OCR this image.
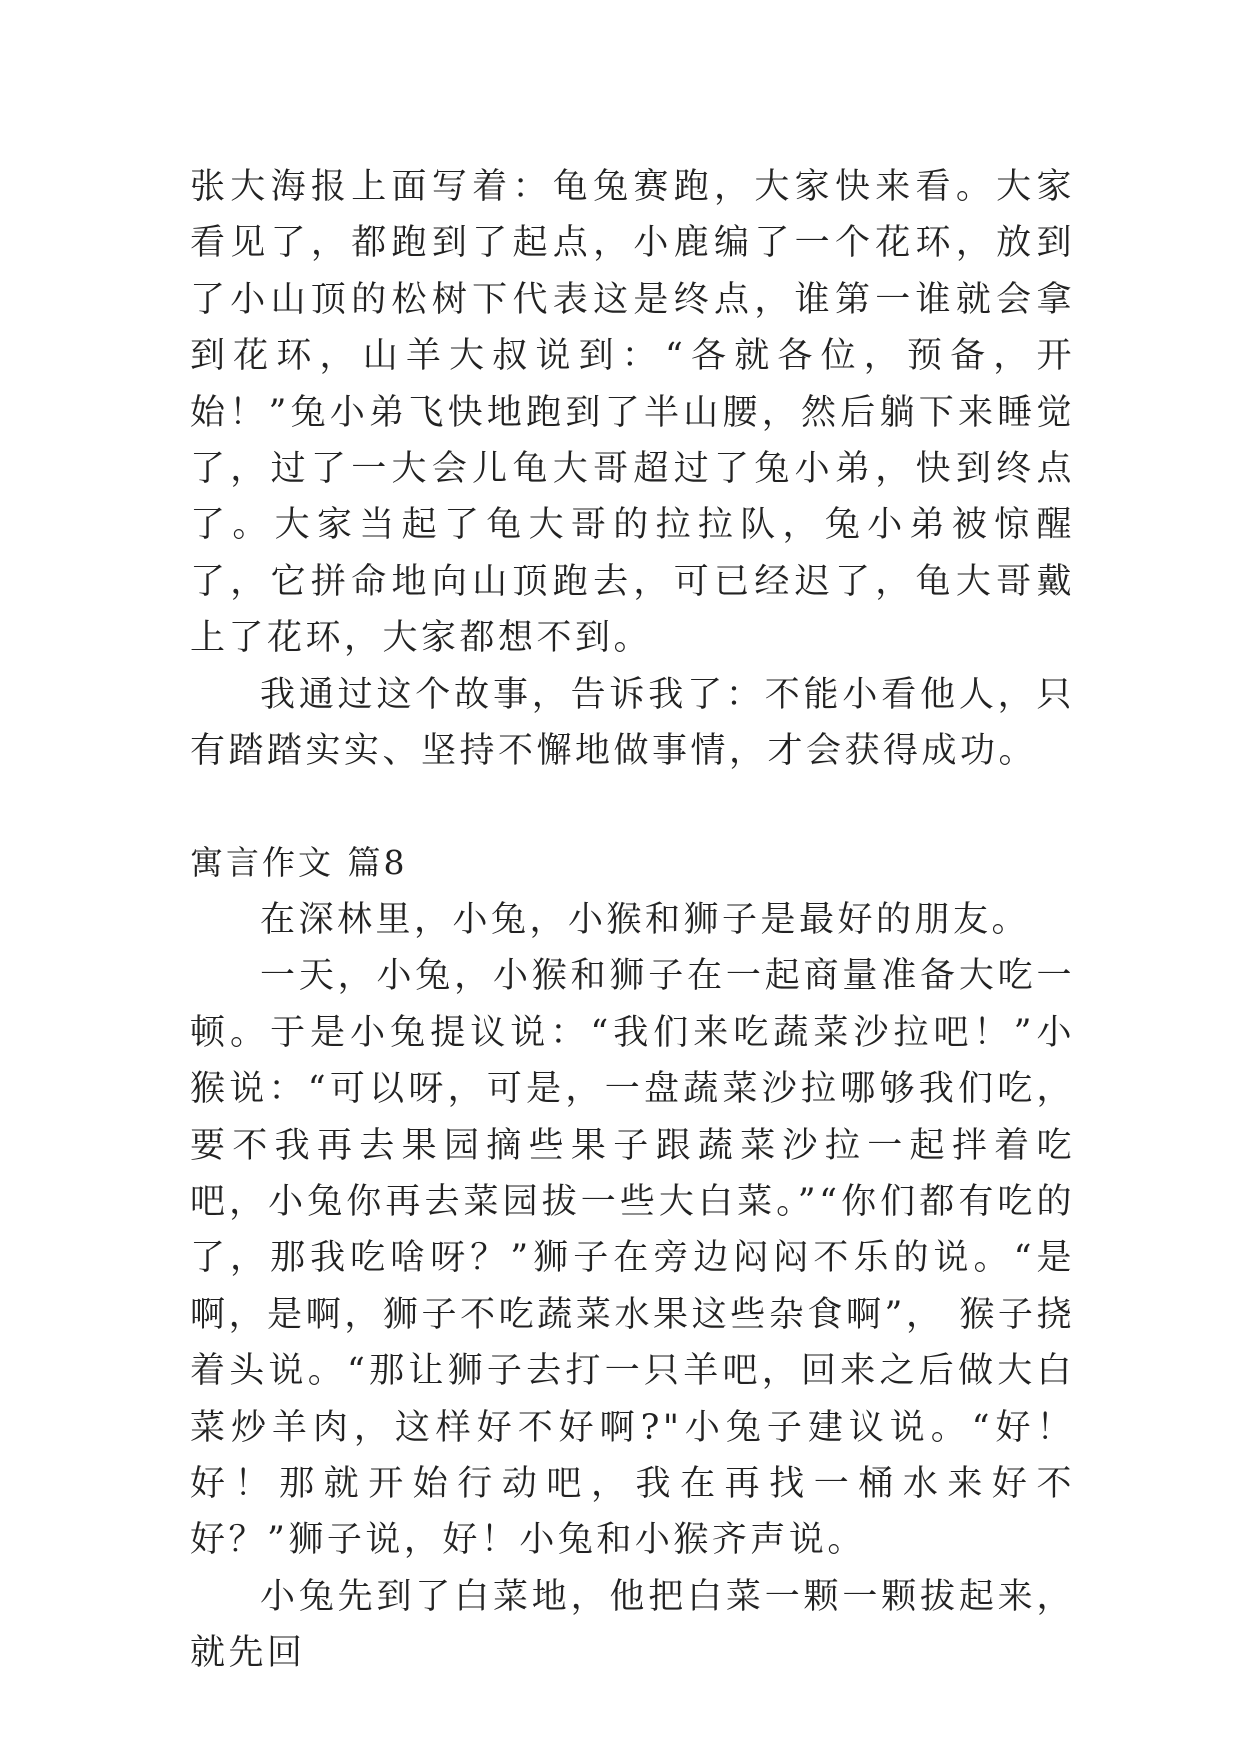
张大海报上面写着：龟兔赛跑，大家快来看。大家看见了，都跑到了起点，小鹿编了一个花环，放到了小山顶的松树下代表这是终点，谁第一谁就会拿到花环，山羊大叔说到：“各就各位，预备，开始！”兔小弟飞快地跑到了半山腰，然后躺下来睡觉了，过了一大会儿龟大哥超过了兔小弟，快到终点了。大家当起了龟大哥的拉拉队，兔小弟被惊醒了，它拼命地向山顶跑去，可已经迟了，龟大哥戴上了花环，大家都想不到。

我通过这个故事，告诉我了：不能小看他人，只有踏踏实实、坚持不懈地做事情，才会获得成功。

寓言作文 篇8

在深林里，小兔，小猴和狮子是最好的朋友。

一天，小兔，小猴和狮子在一起商量准备大吃一顿。于是小兔提议说：“我们来吃蔬菜沙拉吧！”小猴说：“可以呀，可是，一盘蔬菜沙拉哪够我们吃，要不我再去果园摘些果子跟蔬菜沙拉一起拌着吃吧，小兔你再去菜园拔一些大白菜。”“你们都有吃的了，那我吃啥呀？”狮子在旁边闷闷不乐的说。“是啊，是啊，狮子不吃蔬菜水果这些杂食啊”， 猴子挠着头说。“那让狮子去打一只羊吧，回来之后做大白菜炒羊肉，这样好不好啊?"小兔子建议说。“好！好！那就开始行动吧，我在再找一桶水来好不好？”狮子说，好！小兔和小猴齐声说。

小兔先到了白菜地，他把白菜一颗一颗拔起来，就先回
